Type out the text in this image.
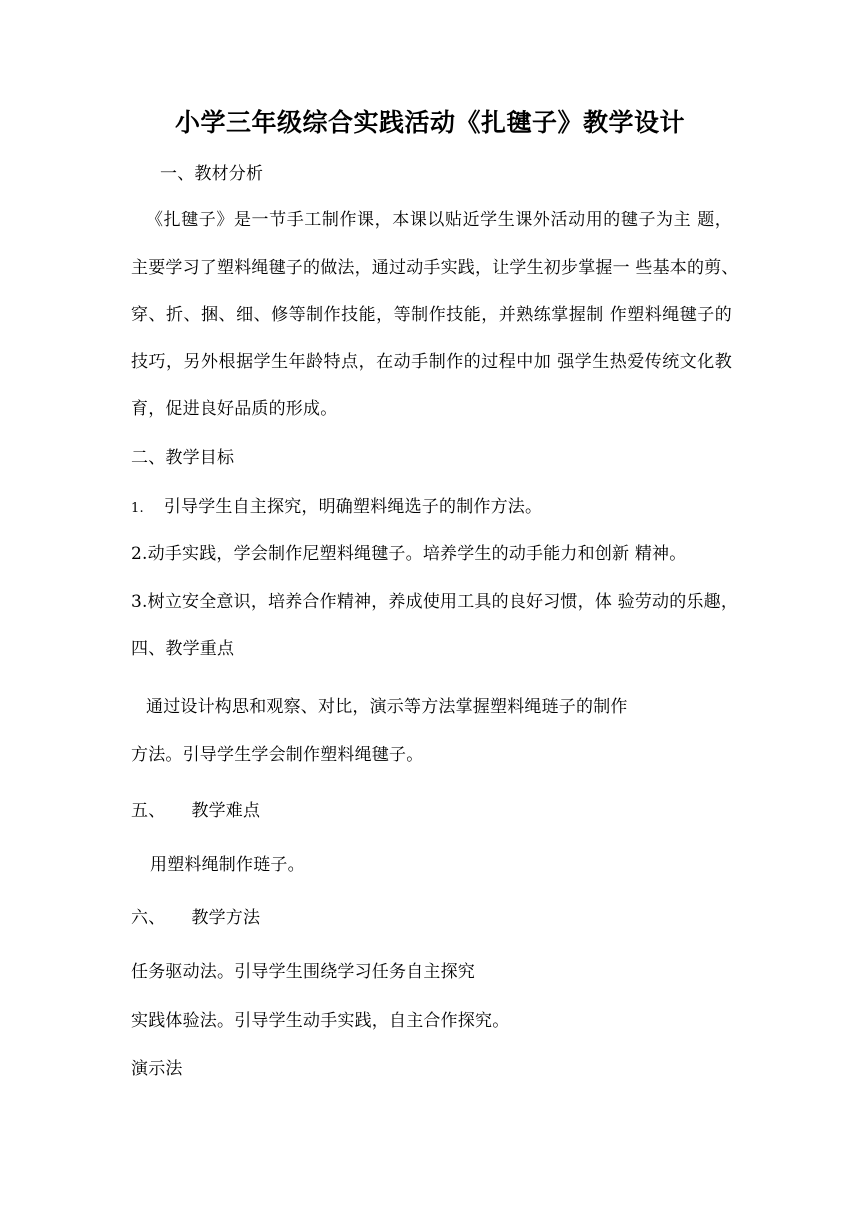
小学三年级综合实践活动《扎毽子》教学设计
一、教材分析
《扎毽子》是一节手工制作课，本课以贴近学生课外活动用的毽子为主 题，
主要学习了塑料绳毽子的做法，通过动手实践，让学生初步掌握一 些基本的剪、
穿、折、捆、细、修等制作技能，等制作技能，并熟练掌握制 作塑料绳毽子的
技巧，另外根据学生年龄特点，在动手制作的过程中加 强学生热爱传统文化教
育，促进良好品质的形成。
二、教学目标
1. 引导学生自主探究，明确塑料绳选子的制作方法。
2.动手实践，学会制作尼塑料绳毽子。培养学生的动手能力和创新 精神。
3.树立安全意识，培养合作精神，养成使用工具的良好习惯，体 验劳动的乐趣，
四、教学重点
通过设计构思和观察、对比，演示等方法掌握塑料绳琏子的制作
方法。引导学生学会制作塑料绳毽子。
五、 教学难点
用塑料绳制作琏子。
六、 教学方法
任务驱动法。引导学生围绕学习任务自主探究
实践体验法。引导学生动手实践，自主合作探究。
演示法
